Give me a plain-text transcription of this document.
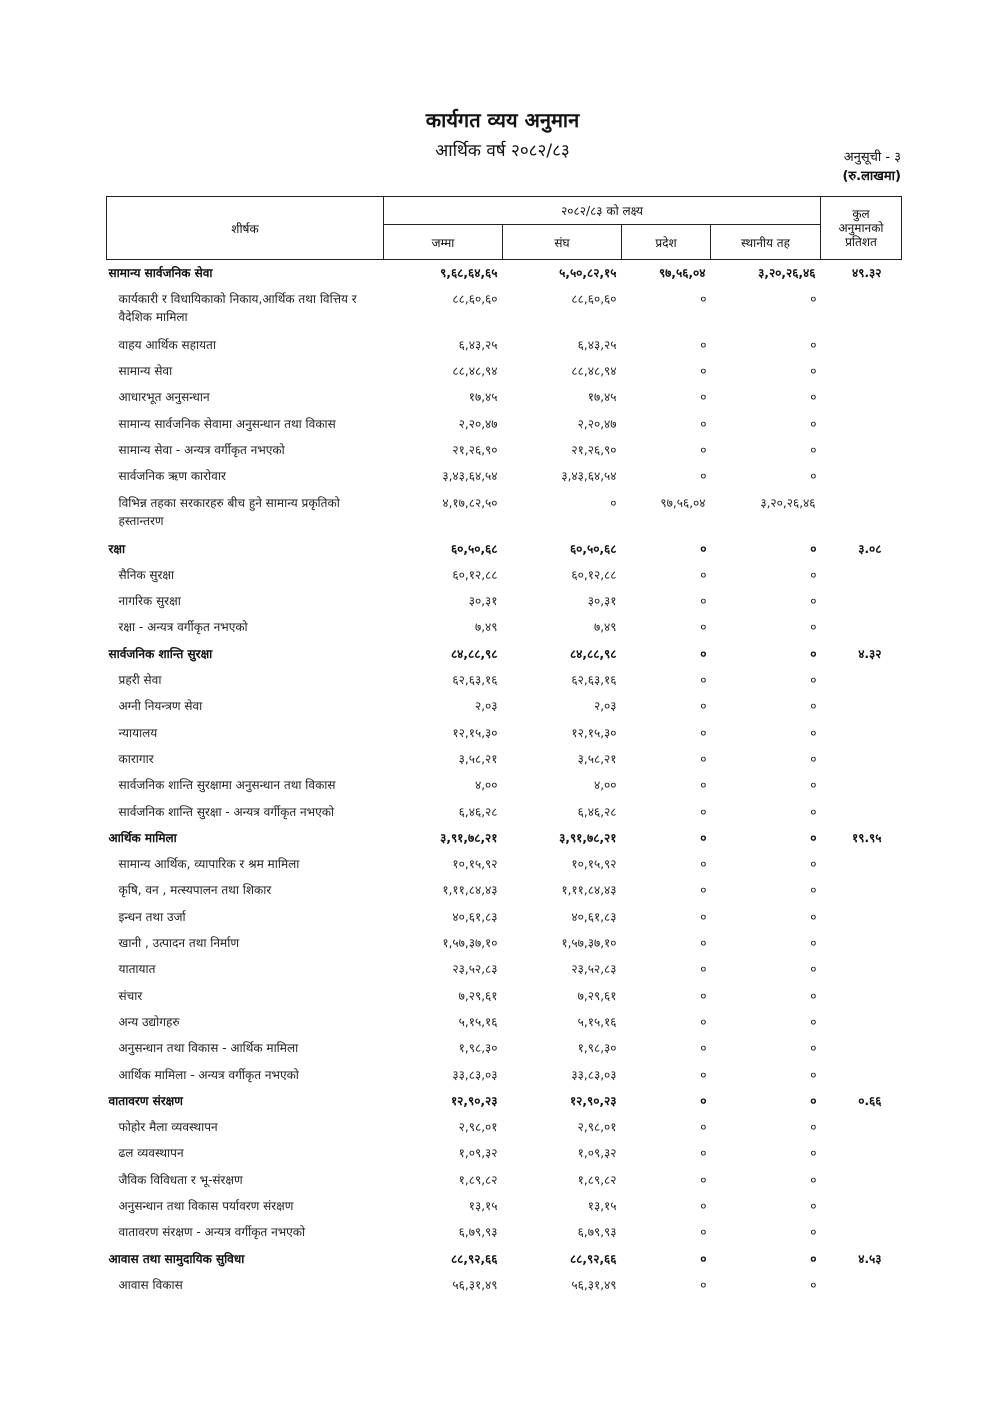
कार्यगत व्यय अनुमान
आर्थिक वर्ष २०८२/८३	अनुसूची - ३
(रु.लाखमा)
शीर्षक	२०८२/८३ को लक्ष्य				कुल
अनुमानको
प्रतिशत

	जम्मा	संघ	प्रदेश	स्थानीय तह	
सामान्य सार्वजनिक सेवा	९,६८,६४,६५	५,५०,८२,१५	९७,५६,०४	३,२०,२६,४६	४९.३२
कार्यकारी र विधायिकाको निकाय,आर्थिक तथा वित्तिय र वैदेशिक मामिला	८८,६०,६०	८८,६०,६०	०	०	
वाहय आर्थिक सहायता	६,४३,२५	६,४३,२५	०	०	
सामान्य सेवा	८८,४८,९४	८८,४८,९४	०	०	
आधारभूत अनुसन्धान	१७,४५	१७,४५	०	०	
सामान्य सार्वजनिक सेवामा अनुसन्धान तथा विकास	२,२०,४७	२,२०,४७	०	०	
सामान्य सेवा - अन्यत्र वर्गीकृत नभएको	२१,२६,९०	२१,२६,९०	०	०	
सार्वजनिक ऋण कारोवार	३,४३,६४,५४	३,४३,६४,५४	०	०	
विभिन्न तहका सरकारहरु बीच हुने सामान्य प्रकृतिको हस्तान्तरण	४,१७,८२,५०	०	९७,५६,०४	३,२०,२६,४६	
रक्षा	६०,५०,६८	६०,५०,६८	०	०	३.०८
सैनिक सुरक्षा	६०,१२,८८	६०,१२,८८	०	०	
नागरिक सुरक्षा	३०,३१	३०,३१	०	०	
रक्षा - अन्यत्र वर्गीकृत नभएको	७,४९	७,४९	०	०	
सार्वजनिक शान्ति सुरक्षा	८४,८८,९८	८४,८८,९८	०	०	४.३२
प्रहरी सेवा	६२,६३,१६	६२,६३,१६	०	०	
अग्नी नियन्त्रण सेवा	२,०३	२,०३	०	०	
न्यायालय	१२,१५,३०	१२,१५,३०	०	०	
कारागार	३,५८,२१	३,५८,२१	०	०	
सार्वजनिक शान्ति सुरक्षामा अनुसन्धान तथा विकास	४,००	४,००	०	०	
सार्वजनिक शान्ति सुरक्षा - अन्यत्र वर्गीकृत नभएको	६,४६,२८	६,४६,२८	०	०	
आर्थिक मामिला	३,९१,७८,२१	३,९१,७८,२१	०	०	१९.९५
सामान्य आर्थिक, व्यापारिक र श्रम मामिला	१०,१५,९२	१०,१५,९२	०	०	
कृषि, वन , मत्स्यपालन तथा शिकार	१,११,८४,४३	१,११,८४,४३	०	०	
इन्धन तथा उर्जा	४०,६१,८३	४०,६१,८३	०	०	
खानी , उत्पादन तथा निर्माण	१,५७,३७,१०	१,५७,३७,१०	०	०	
यातायात	२३,५२,८३	२३,५२,८३	०	०	
संचार	७,२९,६१	७,२९,६१	०	०	
अन्य उद्योगहरु	५,१५,१६	५,१५,१६	०	०	
अनुसन्धान तथा विकास - आर्थिक मामिला	१,९८,३०	१,९८,३०	०	०	
आर्थिक मामिला - अन्यत्र वर्गीकृत नभएको	३३,८३,०३	३३,८३,०३	०	०	
वातावरण संरक्षण	१२,९०,२३	१२,९०,२३	०	०	०.६६
फोहोर मैला व्यवस्थापन	२,९८,०१	२,९८,०१	०	०	
ढल व्यवस्थापन	१,०९,३२	१,०९,३२	०	०	
जैविक विविधता र भू-संरक्षण	१,८९,८२	१,८९,८२	०	०	
अनुसन्धान तथा विकास पर्यावरण संरक्षण	१३,१५	१३,१५	०	०	
वातावरण संरक्षण - अन्यत्र वर्गीकृत नभएको	६,७९,९३	६,७९,९३	०	०	
आवास तथा सामुदायिक सुविधा	८८,९२,६६	८८,९२,६६	०	०	४.५३
आवास विकास	५६,३१,४९	५६,३१,४९	०	०	
